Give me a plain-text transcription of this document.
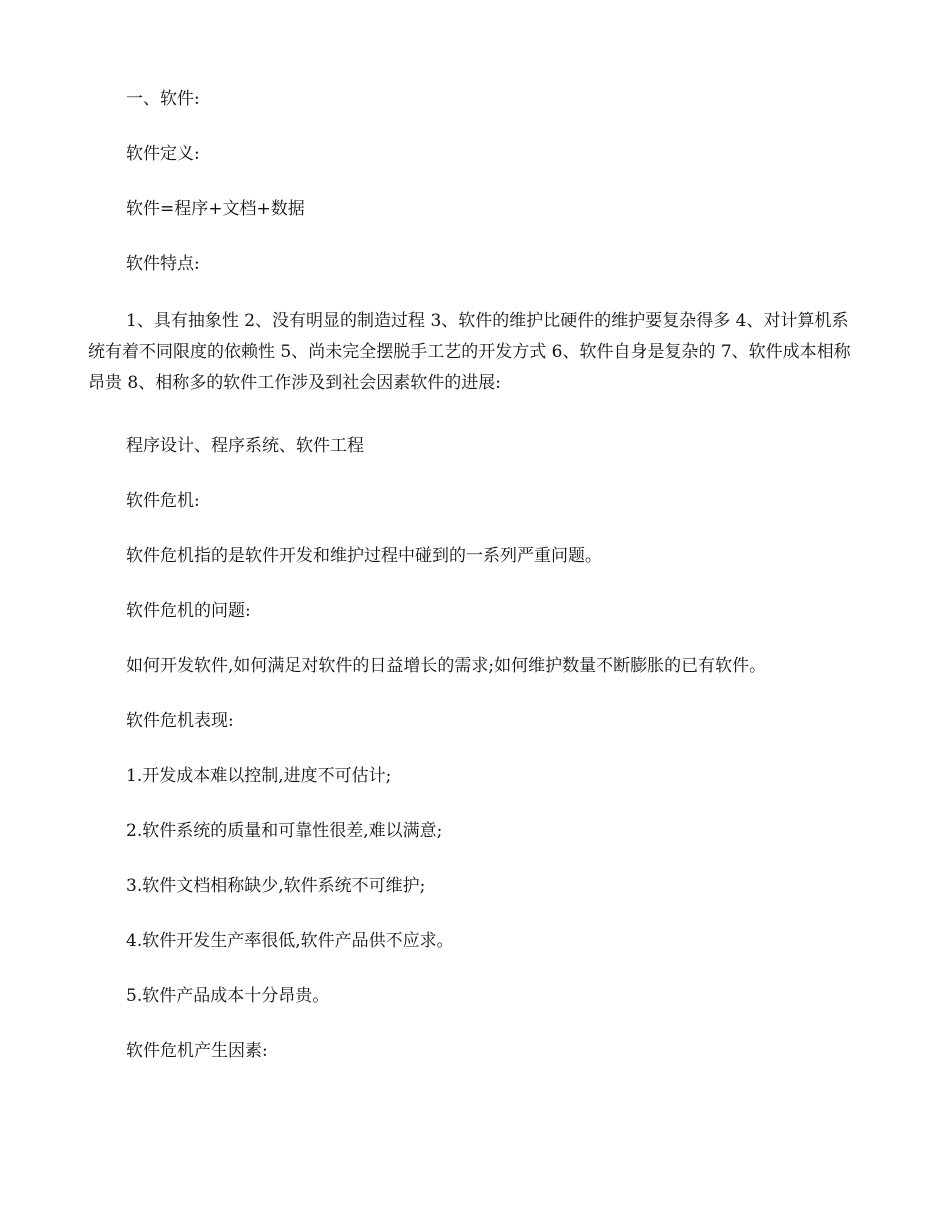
一、软件:

软件定义:

软件=程序+文档+数据

软件特点:

1、具有抽象性 2、没有明显的制造过程 3、软件的维护比硬件的维护要复杂得多 4、对计算机系统有着不同限度的依赖性 5、尚未完全摆脱手工艺的开发方式 6、软件自身是复杂的 7、软件成本相称昂贵 8、相称多的软件工作涉及到社会因素软件的进展:

程序设计、程序系统、软件工程

软件危机:

软件危机指的是软件开发和维护过程中碰到的一系列严重问题。

软件危机的问题:

如何开发软件,如何满足对软件的日益增长的需求;如何维护数量不断膨胀的已有软件。

软件危机表现:

1.开发成本难以控制,进度不可估计;

2.软件系统的质量和可靠性很差,难以满意;

3.软件文档相称缺少,软件系统不可维护;

4.软件开发生产率很低,软件产品供不应求。

5.软件产品成本十分昂贵。

软件危机产生因素:
